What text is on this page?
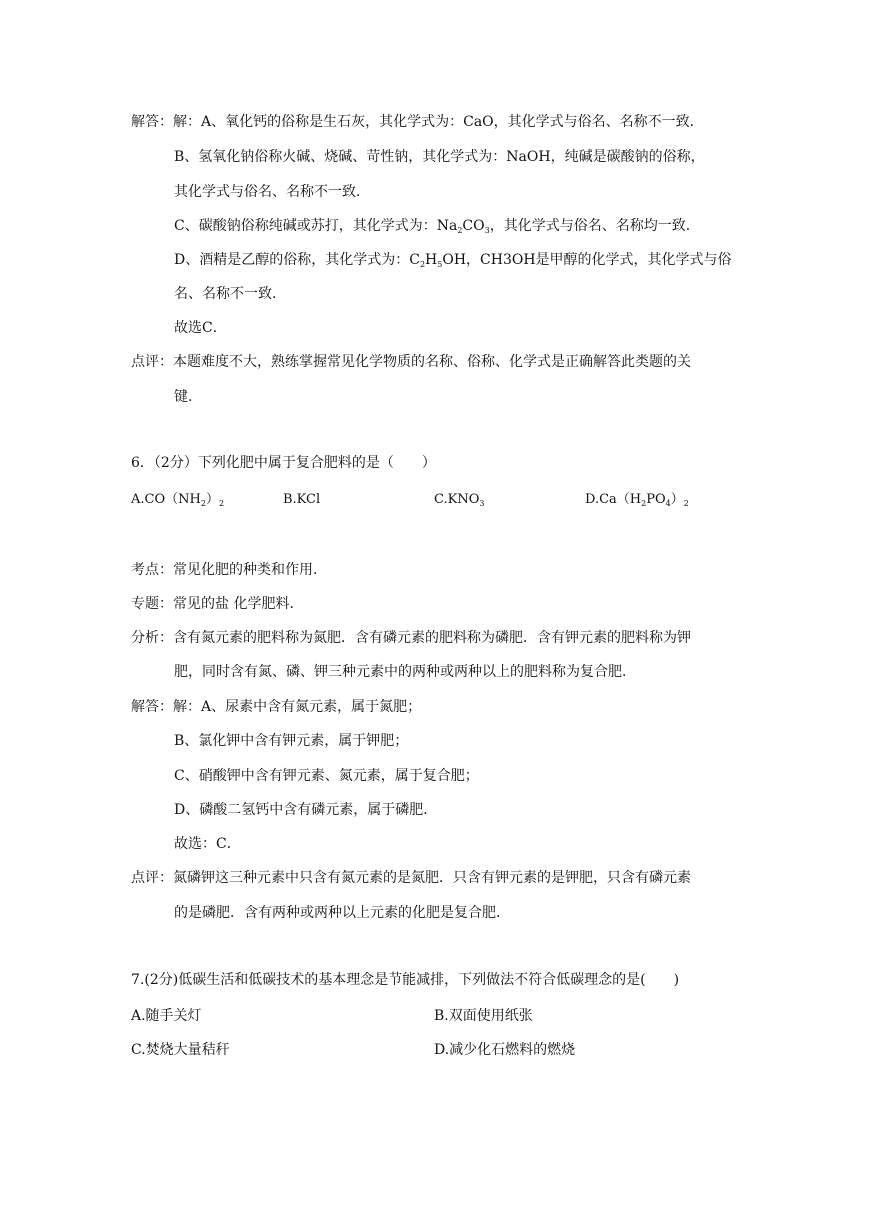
解答：解：A、氧化钙的俗称是生石灰，其化学式为：CaO，其化学式与俗名、名称不一致．
B、氢氧化钠俗称火碱、烧碱、苛性钠，其化学式为：NaOH，纯碱是碳酸钠的俗称，
其化学式与俗名、名称不一致．
C、碳酸钠俗称纯碱或苏打，其化学式为：$Na_2CO_3$，其化学式与俗名、名称均一致．
D、酒精是乙醇的俗称，其化学式为：$C_2H_5OH$，CH3OH是甲醇的化学式，其化学式与俗
名、名称不一致．
故选C．
点评：本题难度不大，熟练掌握常见化学物质的名称、俗称、化学式是正确解答此类题的关
键．
6．（2分）下列化肥中属于复合肥料的是（　　）
$A.CO(NH_2)_2$	B.KCl	$C.KNO_3$	$D.Ca(H_2PO_4)_2$
考点：常见化肥的种类和作用．
专题：常见的盐 化学肥料．
分析：含有氮元素的肥料称为氮肥．含有磷元素的肥料称为磷肥．含有钾元素的肥料称为钾
肥，同时含有氮、磷、钾三种元素中的两种或两种以上的肥料称为复合肥．
解答：解：A、尿素中含有氮元素，属于氮肥；
B、氯化钾中含有钾元素，属于钾肥；
C、硝酸钾中含有钾元素、氮元素，属于复合肥；
D、磷酸二氢钙中含有磷元素，属于磷肥．
故选：C．
点评：氮磷钾这三种元素中只含有氮元素的是氮肥．只含有钾元素的是钾肥，只含有磷元素
的是磷肥．含有两种或两种以上元素的化肥是复合肥．
7.(2分)低碳生活和低碳技术的基本理念是节能减排，下列做法不符合低碳理念的是(　　)
A.随手关灯	B.双面使用纸张
C.焚烧大量秸秆	D.减少化石燃料的燃烧
